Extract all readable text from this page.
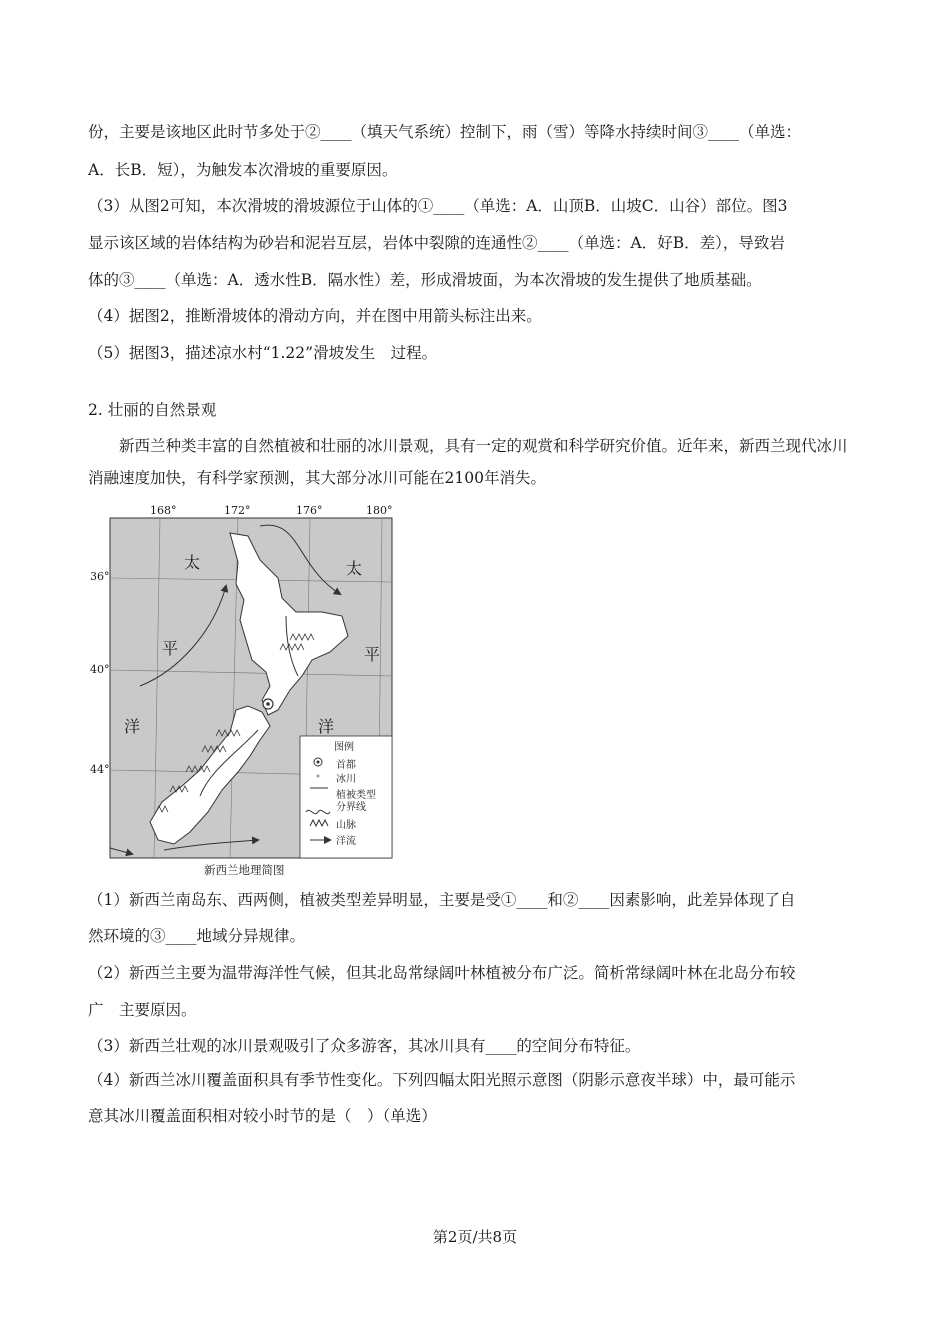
份，主要是该地区此时节多处于②____（填天气系统）控制下，雨（雪）等降水持续时间③____（单选：
A．长B．短），为触发本次滑坡的重要原因。
（3）从图2可知，本次滑坡的滑坡源位于山体的①____（单选：A．山顶B．山坡C．山谷）部位。图3
显示该区域的岩体结构为砂岩和泥岩互层，岩体中裂隙的连通性②____（单选：A．好B．差），导致岩
体的③____（单选：A．透水性B．隔水性）差，形成滑坡面，为本次滑坡的发生提供了地质基础。
（4）据图2，推断滑坡体的滑动方向，并在图中用箭头标注出来。
（5）据图3，描述凉水村“1.22”滑坡发生　过程。
2. 壮丽的自然景观
新西兰种类丰富的自然植被和壮丽的冰川景观，具有一定的观赏和科学研究价值。近年来，新西兰现代冰川消融速度加快，有科学家预测，其大部分冰川可能在2100年消失。
168°	172°	176°	180°
36°
40°
44°
太
平
洋
太
平
洋
图例
首都
冰川
植被类型
分界线
山脉
洋流
新西兰地理简图
（1）新西兰南岛东、西两侧，植被类型差异明显，主要是受①____和②____因素影响，此差异体现了自
然环境的③____地域分异规律。
（2）新西兰主要为温带海洋性气候，但其北岛常绿阔叶林植被分布广泛。简析常绿阔叶林在北岛分布较
广　主要原因。
（3）新西兰壮观的冰川景观吸引了众多游客，其冰川具有____的空间分布特征。
（4）新西兰冰川覆盖面积具有季节性变化。下列四幅太阳光照示意图（阴影示意夜半球）中，最可能示
意其冰川覆盖面积相对较小时节的是（　）（单选）
第2页/共8页
